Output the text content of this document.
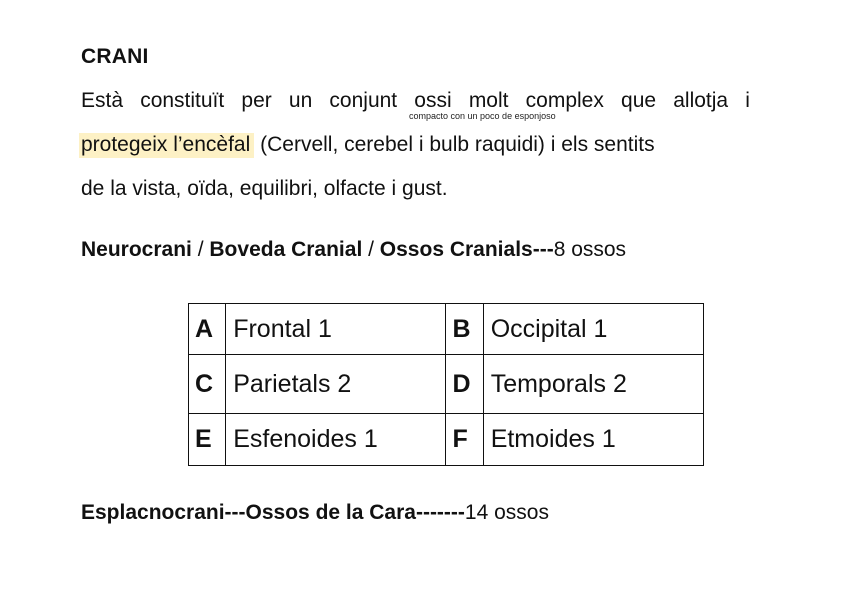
CRANI
Està constituït per un conjunt ossi molt complex que allotja i
compacto con un poco de esponjoso
protegeix l’encèfal (Cervell, cerebel i bulb raquidi) i els sentits
de la vista, oïda, equilibri, olfacte i gust.
Neurocrani / Boveda Cranial / Ossos Cranials---8 ossos
A	Frontal 1	B	Occipital 1
C	Parietals 2	D	Temporals 2
E	Esfenoides 1	F	Etmoides 1
Esplacnocrani---Ossos de la Cara-------14 ossos
